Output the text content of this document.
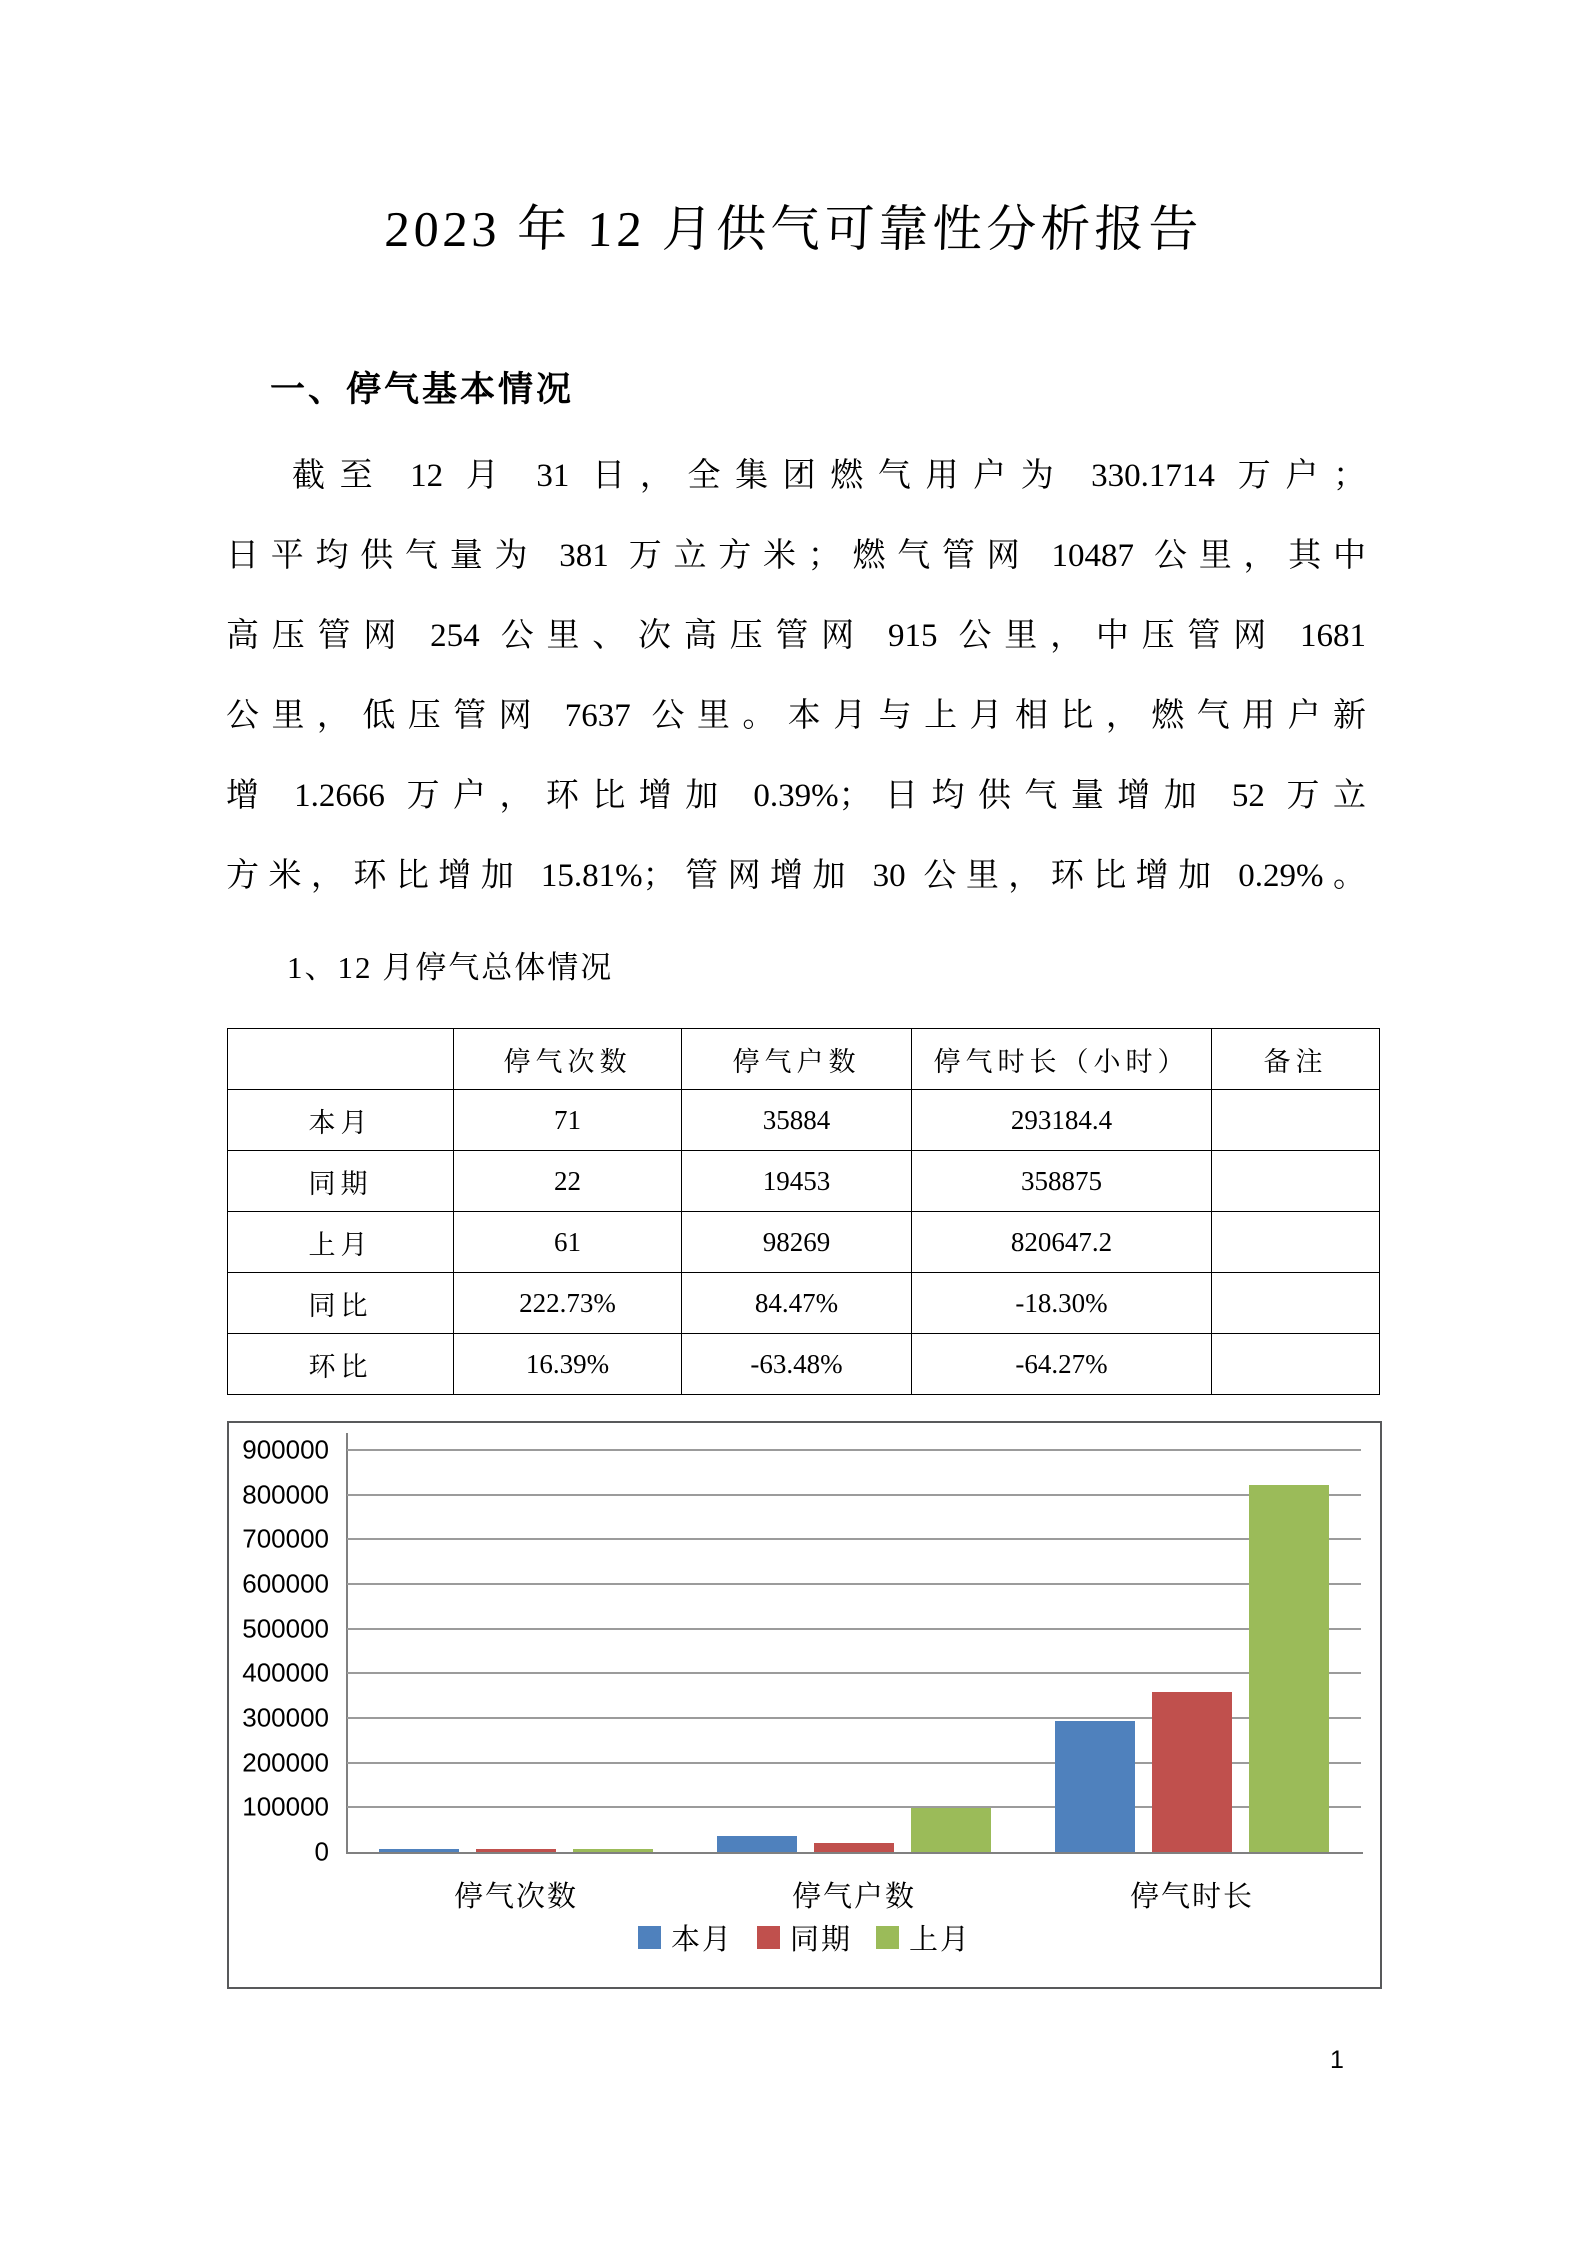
2023 年 12 月供气可靠性分析报告
一、停气基本情况
截至 12 月 31 日，全集团燃气用户为 330.1714 万户；
日平均供气量为 381 万立方米；燃气管网 10487 公里，其中
高压管网 254 公里、次高压管网 915 公里，中压管网 1681
公里，低压管网 7637 公里。本月与上月相比，燃气用户新
增 1.2666 万户，环比增加 0.39%；日均供气量增加 52 万立
方米，环比增加 15.81%；管网增加 30 公里，环比增加 0.29%。
1、12 月停气总体情况
	停气次数	停气户数	停气时长（小时）	备注
本月	71	35884	293184.4	
同期	22	19453	358875	
上月	61	98269	820647.2	
同比	222.73%	84.47%	-18.30%	
环比	16.39%	-63.48%	-64.27%	
本月 同期 上月
0
100000
200000
300000
400000
500000
600000
700000
800000
900000
停气次数	停气户数	停气时长
1
